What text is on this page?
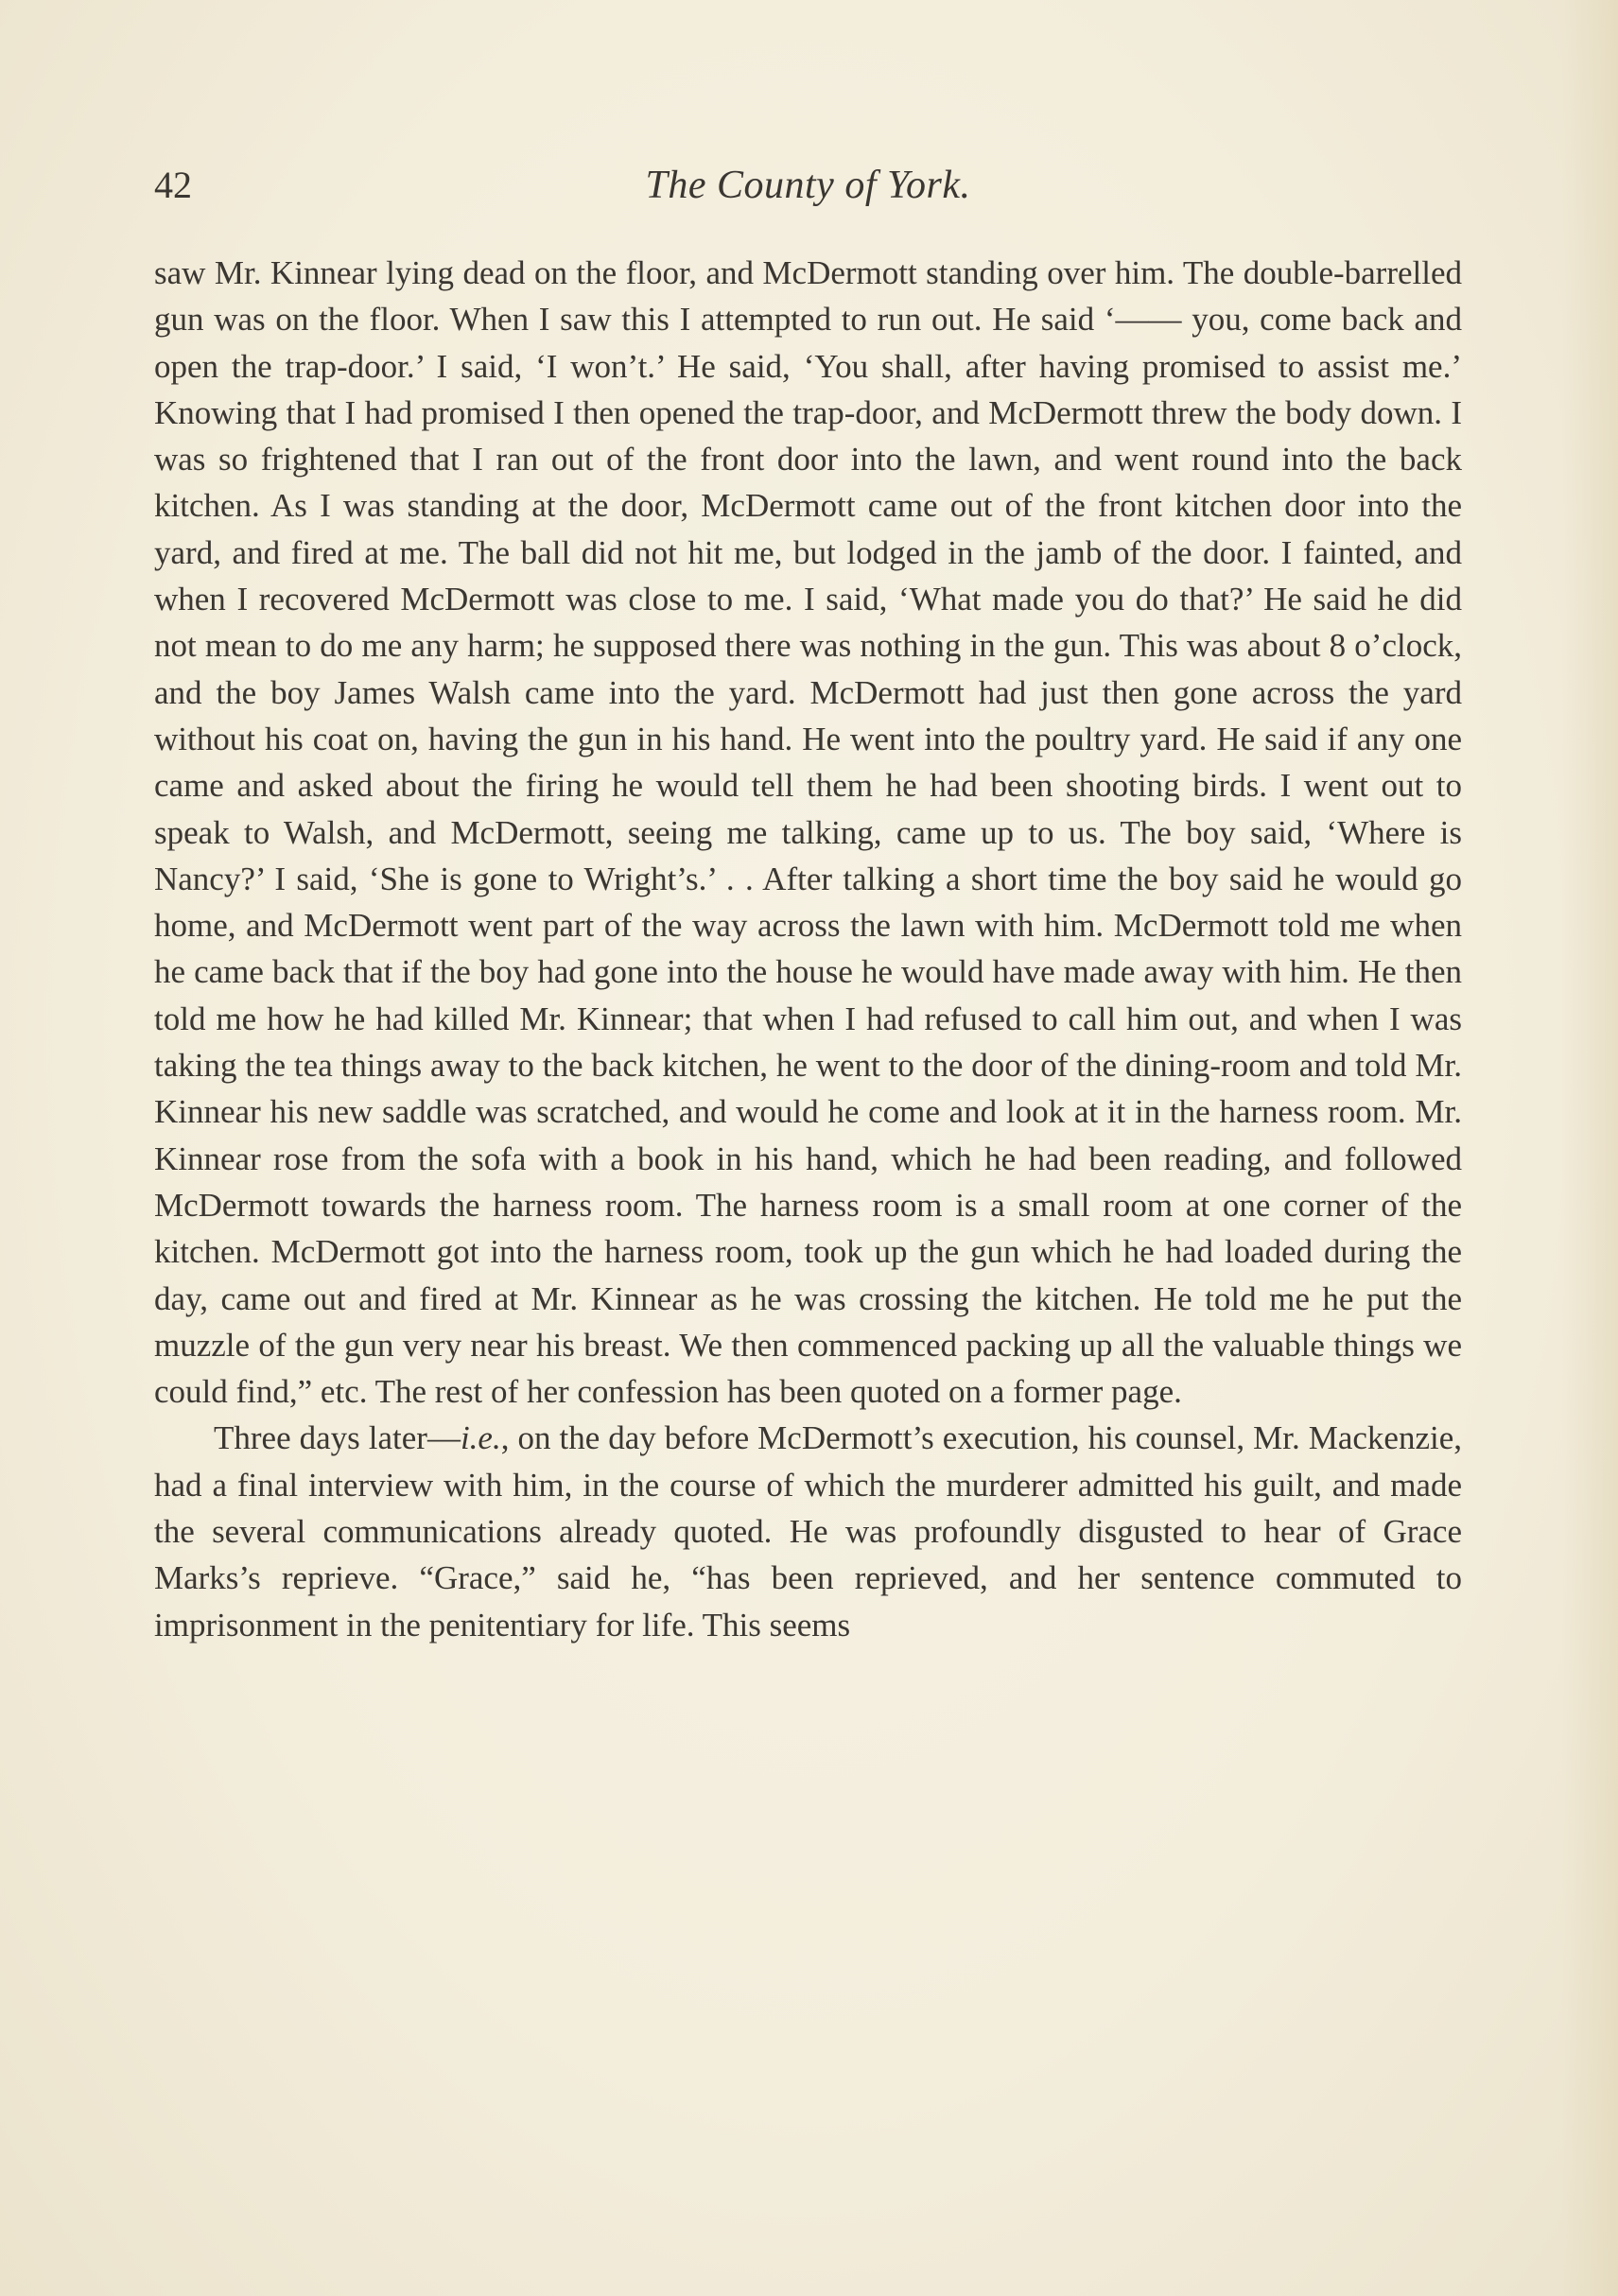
42	The County of York.

saw Mr. Kinnear lying dead on the floor, and McDermott standing over him. The double-barrelled gun was on the floor. When I saw this I attempted to run out. He said ‘—— you, come back and open the trap-door.’ I said, ‘I won’t.’ He said, ‘You shall, after having promised to assist me.’ Knowing that I had promised I then opened the trap-door, and McDermott threw the body down. I was so frightened that I ran out of the front door into the lawn, and went round into the back kitchen. As I was standing at the door, McDermott came out of the front kitchen door into the yard, and fired at me. The ball did not hit me, but lodged in the jamb of the door. I fainted, and when I recovered McDermott was close to me. I said, ‘What made you do that?’ He said he did not mean to do me any harm; he supposed there was nothing in the gun. This was about 8 o’clock, and the boy James Walsh came into the yard. McDermott had just then gone across the yard without his coat on, having the gun in his hand. He went into the poultry yard. He said if any one came and asked about the firing he would tell them he had been shooting birds. I went out to speak to Walsh, and McDermott, seeing me talking, came up to us. The boy said, ‘Where is Nancy?’ I said, ‘She is gone to Wright’s.’ . . After talking a short time the boy said he would go home, and McDermott went part of the way across the lawn with him. McDermott told me when he came back that if the boy had gone into the house he would have made away with him. He then told me how he had killed Mr. Kinnear; that when I had refused to call him out, and when I was taking the tea things away to the back kitchen, he went to the door of the dining-room and told Mr. Kinnear his new saddle was scratched, and would he come and look at it in the harness room. Mr. Kinnear rose from the sofa with a book in his hand, which he had been reading, and followed McDermott towards the harness room. The harness room is a small room at one corner of the kitchen. McDermott got into the harness room, took up the gun which he had loaded during the day, came out and fired at Mr. Kinnear as he was crossing the kitchen. He told me he put the muzzle of the gun very near his breast. We then commenced packing up all the valuable things we could find,” etc. The rest of her confession has been quoted on a former page.

Three days later—i.e., on the day before McDermott’s execution, his counsel, Mr. Mackenzie, had a final interview with him, in the course of which the murderer admitted his guilt, and made the several communications already quoted. He was profoundly disgusted to hear of Grace Marks’s reprieve. “Grace,” said he, “has been reprieved, and her sentence commuted to imprisonment in the penitentiary for life. This seems
